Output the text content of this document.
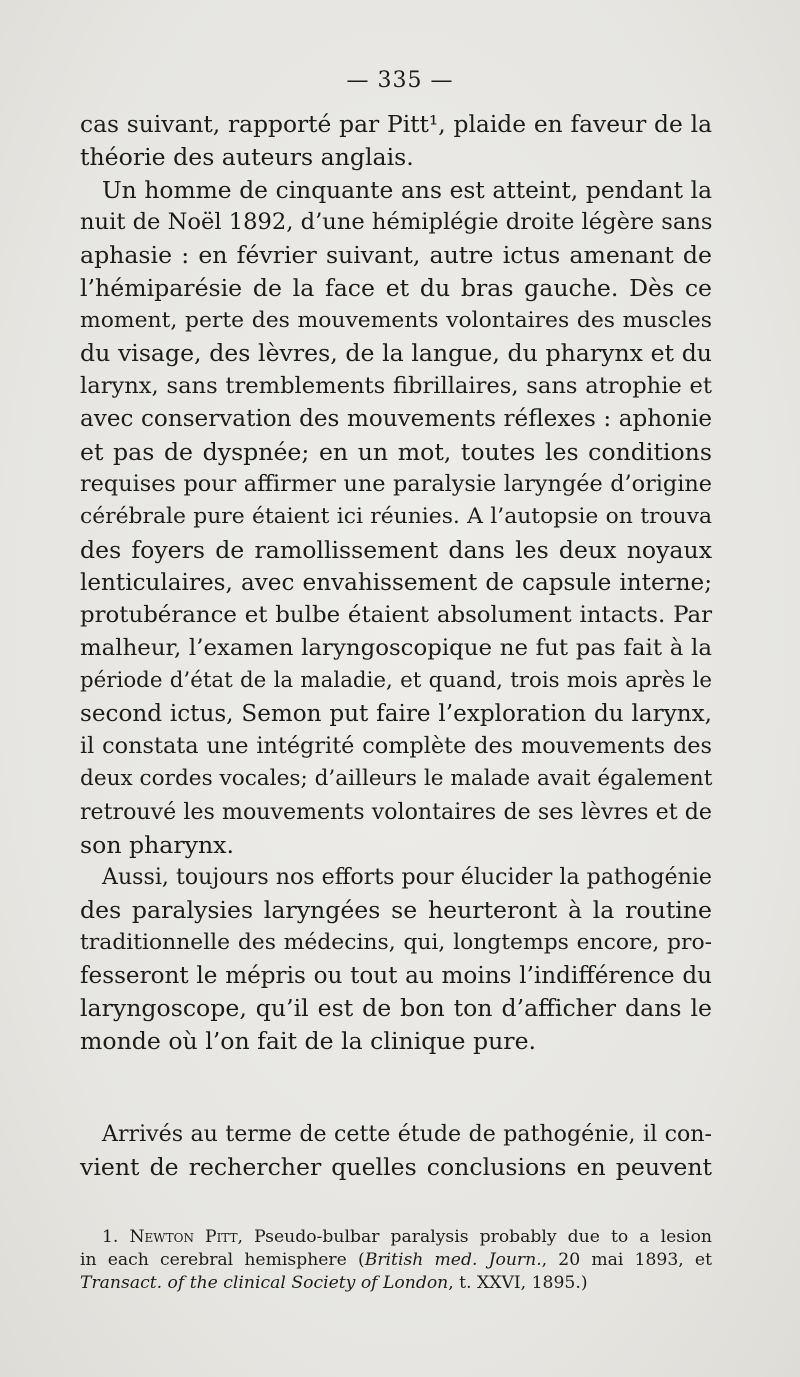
— 335 —
cas suivant, rapporté par Pitt¹, plaide en faveur de la
théorie des auteurs anglais.
Un homme de cinquante ans est atteint, pendant la
nuit de Noël 1892, d’une hémiplégie droite légère sans
aphasie : en février suivant, autre ictus amenant de
l’hémiparésie de la face et du bras gauche. Dès ce
moment, perte des mouvements volontaires des muscles
du visage, des lèvres, de la langue, du pharynx et du
larynx, sans tremblements fibrillaires, sans atrophie et
avec conservation des mouvements réflexes : aphonie
et pas de dyspnée; en un mot, toutes les conditions
requises pour affirmer une paralysie laryngée d’origine
cérébrale pure étaient ici réunies. A l’autopsie on trouva
des foyers de ramollissement dans les deux noyaux
lenticulaires, avec envahissement de capsule interne;
protubérance et bulbe étaient absolument intacts. Par
malheur, l’examen laryngoscopique ne fut pas fait à la
période d’état de la maladie, et quand, trois mois après le
second ictus, Semon put faire l’exploration du larynx,
il constata une intégrité complète des mouvements des
deux cordes vocales; d’ailleurs le malade avait également
retrouvé les mouvements volontaires de ses lèvres et de
son pharynx.
Aussi, toujours nos efforts pour élucider la pathogénie
des paralysies laryngées se heurteront à la routine
traditionnelle des médecins, qui, longtemps encore, pro-
fesseront le mépris ou tout au moins l’indifférence du
laryngoscope, qu’il est de bon ton d’afficher dans le
monde où l’on fait de la clinique pure.
Arrivés au terme de cette étude de pathogénie, il con-
vient de rechercher quelles conclusions en peuvent
1. Newton Pitt, Pseudo-bulbar paralysis probably due to a lesion
in each cerebral hemisphere (British med. Journ., 20 mai 1893, et
Transact. of the clinical Society of London, t. XXVI, 1895.)
